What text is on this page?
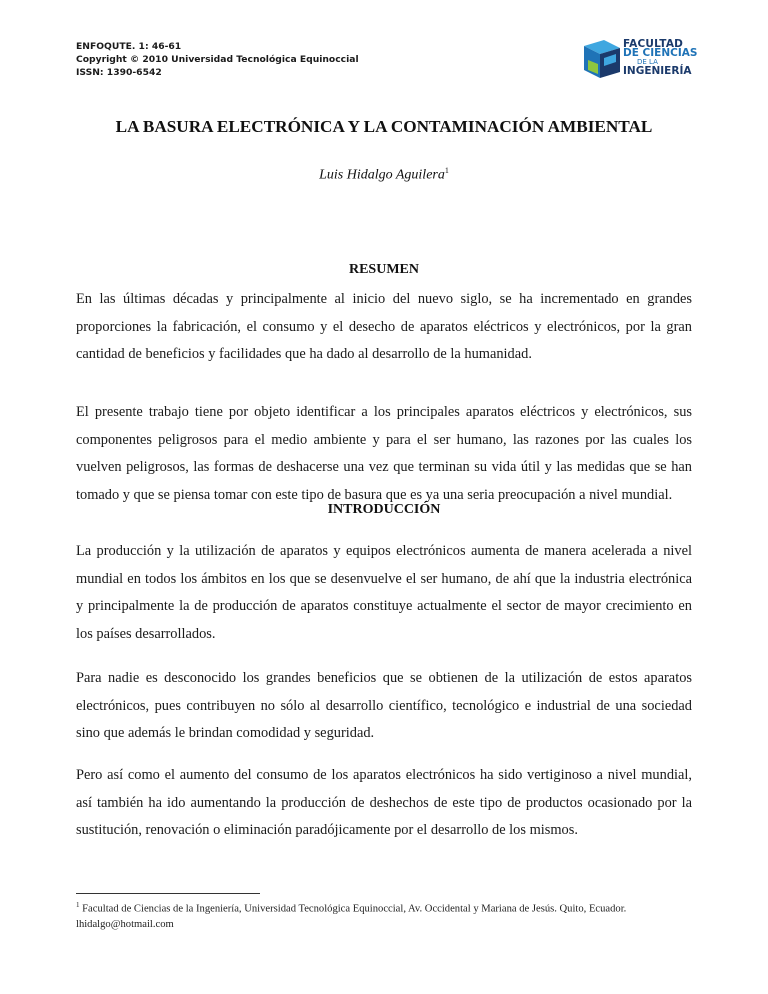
ENFOQUTE. 1: 46-61
Copyright © 2010 Universidad Tecnológica Equinoccial
ISSN: 1390-6542
FACULTAD
DE CIENCIAS
DE LA
INGENIERÍA
LA BASURA ELECTRÓNICA Y LA CONTAMINACIÓN AMBIENTAL
Luis Hidalgo Aguilera$^1$
RESUMEN

En las últimas décadas y principalmente al inicio del nuevo siglo, se ha incrementado en grandes proporciones la fabricación, el consumo y el desecho de aparatos eléctricos y electrónicos, por la gran cantidad de beneficios y facilidades que ha dado al desarrollo de la humanidad.

El presente trabajo tiene por objeto identificar a los principales aparatos eléctricos y electrónicos, sus componentes peligrosos para el medio ambiente y para el ser humano, las razones por las cuales los vuelven peligrosos, las formas de deshacerse una vez que terminan su vida útil y las medidas que se han tomado y que se piensa tomar con este tipo de basura que es ya una seria preocupación a nivel mundial.

INTRODUCCIÓN

La producción y la utilización de aparatos y equipos electrónicos aumenta de manera acelerada a nivel mundial en todos los ámbitos en los que se desenvuelve el ser humano, de ahí que la industria electrónica y principalmente la de producción de aparatos constituye actualmente el sector de mayor crecimiento en los países desarrollados.

Para nadie es desconocido los grandes beneficios que se obtienen de la utilización de estos aparatos electrónicos, pues contribuyen no sólo al desarrollo científico, tecnológico e industrial de una sociedad sino que además le brindan comodidad y seguridad.

Pero así como el aumento del consumo de los aparatos electrónicos ha sido vertiginoso a nivel mundial, así también ha ido aumentando la producción de deshechos de este tipo de productos ocasionado por la sustitución, renovación o eliminación paradójicamente por el desarrollo de los mismos.

$^1$ Facultad de Ciencias de la Ingeniería, Universidad Tecnológica Equinoccial, Av. Occidental y Mariana de Jesús. Quito, Ecuador. lhidalgo@hotmail.com
